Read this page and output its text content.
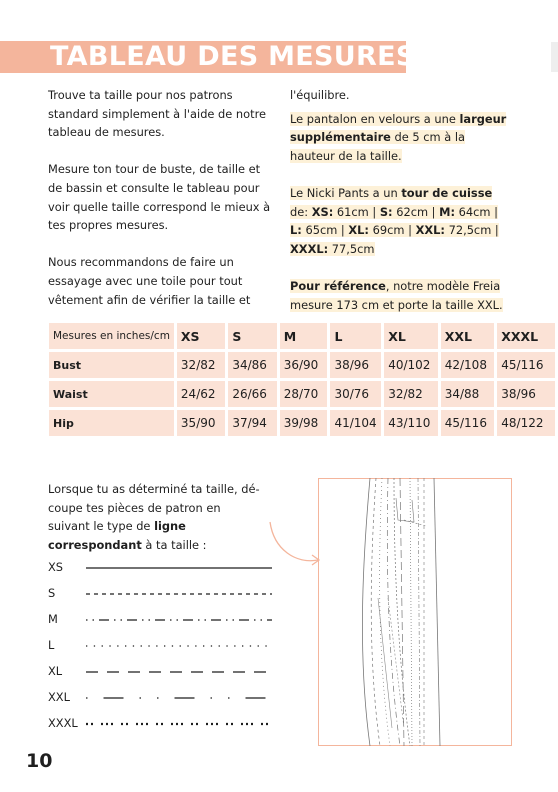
TABLEAU DES MESURES

Trouve ta taille pour nos patrons standard simplement à l'aide de notre tableau de mesures.

Mesure ton tour de buste, de taille et de bassin et consulte le tableau pour voir quelle taille correspond le mieux à tes propres mesures.

Nous recommandons de faire un essayage avec une toile pour tout vêtement afin de vérifier la taille et

l'équilibre.

Le pantalon en velours a une largeur supplémentaire de 5 cm à la hauteur de la taille.

Le Nicki Pants a un tour de cuisse de: XS: 61cm | S: 62cm | M: 64cm | L: 65cm | XL: 69cm | XXL: 72,5cm | XXXL: 77,5cm

Pour référence, notre modèle Freia mesure 173 cm et porte la taille XXL.

Mesures en inches/cm	XS	S	M	L	XL	XXL	XXXL
Bust	32/82	34/86	36/90	38/96	40/102	42/108	45/116
Waist	24/62	26/66	28/70	30/76	32/82	34/88	38/96
Hip	35/90	37/94	39/98	41/104	43/110	45/116	48/122
Lorsque tu as déterminé ta taille, dé- coupe tes pièces de patron en suivant le type de ligne correspondant à ta taille :
XS
S
M
L
XL
XXL
XXXL
10
